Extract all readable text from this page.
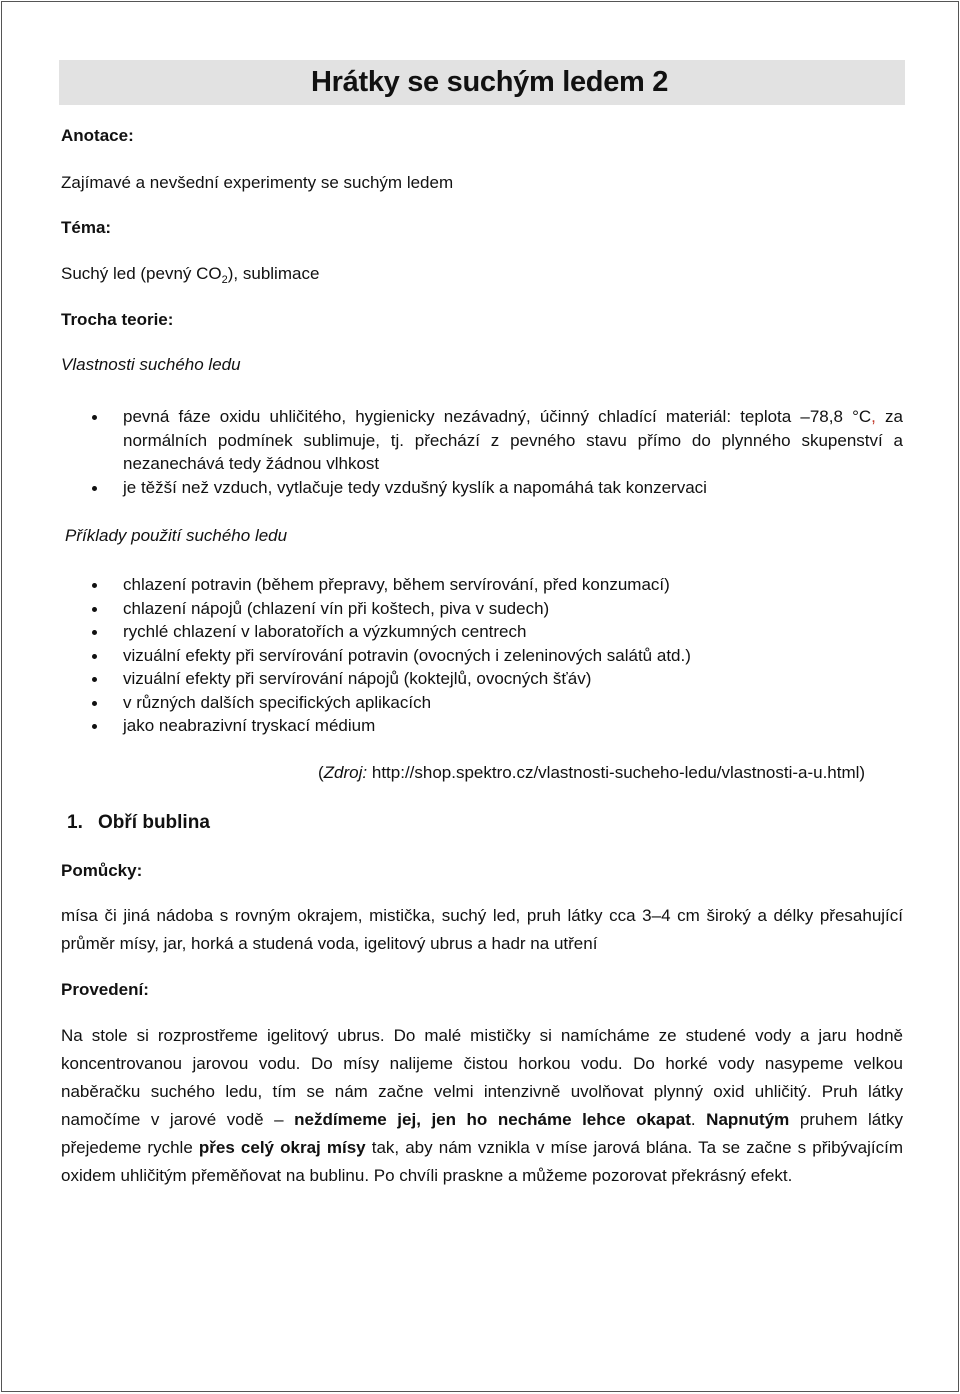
Hrátky se suchým ledem 2
Anotace:
Zajímavé a nevšední experimenty se suchým ledem
Téma:
Suchý led (pevný $CO_2$), sublimace
Trocha teorie:
Vlastnosti suchého ledu
pevná fáze oxidu uhličitého, hygienicky nezávadný, účinný chladící materiál: teplota –78,8 °C, za normálních podmínek sublimuje, tj. přechází z pevného stavu přímo do plynného skupenství a nezanechává tedy žádnou vlhkost
je těžší než vzduch, vytlačuje tedy vzdušný kyslík a napomáhá tak konzervaci
Příklady použití suchého ledu
chlazení potravin (během přepravy, během servírování, před konzumací)
chlazení nápojů (chlazení vín při koštech, piva v sudech)
rychlé chlazení v laboratořích a výzkumných centrech
vizuální efekty při servírování potravin (ovocných i zeleninových salátů atd.)
vizuální efekty při servírování nápojů (koktejlů, ovocných šťáv)
v různých dalších specifických aplikacích
jako neabrazivní tryskací médium
(Zdroj: http://shop.spektro.cz/vlastnosti-sucheho-ledu/vlastnosti-a-u.html)
1. Obří bublina
Pomůcky:
mísa či jiná nádoba s rovným okrajem, mistička, suchý led, pruh látky cca 3–4 cm široký a délky přesahující
průměr mísy, jar, horká a studená voda, igelitový ubrus a hadr na utření
Provedení:
Na stole si rozprostřeme igelitový ubrus. Do malé mističky si namícháme ze studené vody a jaru hodně
koncentrovanou jarovou vodu. Do mísy nalijeme čistou horkou vodu. Do horké vody nasypeme velkou
naběračku suchého ledu, tím se nám začne velmi intenzivně uvolňovat plynný oxid uhličitý. Pruh látky
namočíme v jarové vodě – neždímeme jej, jen ho necháme lehce okapat. Napnutým pruhem látky
přejedeme rychle přes celý okraj mísy tak, aby nám vznikla v míse jarová blána. Ta se začne s přibývajícím
oxidem uhličitým přeměňovat na bublinu. Po chvíli praskne a můžeme pozorovat překrásný efekt.
